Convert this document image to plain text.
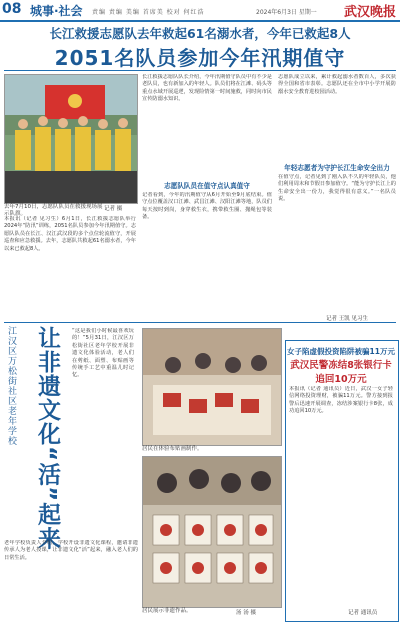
08 城事·社会 责编 责编 美编 首席美 校对 何红浩	2024年6月3日 星期一 武汉晚报
长江救援志愿队去年救起61名溺水者，今年已救起8人
2051名队员参加今年汛期值守
去年7月10日，志愿队队员在救援现场展示队旗。
记者 摄
本报讯（记者 见习生）6月1日，长江救援志愿队举行2024年“防汛”训练，2051名队员参加今年汛期值守。志愿队队员在长江、汉江武汉段的多个点位轮流值守，开展巡查和应急救援。去年，志愿队共救起61名溺水者，今年以来已救起8人。
长江救援志愿队队长介绍，今年汛期值守队员中有不少是老队员，也有新加入的年轻人。队员们将在江滩、码头等重点水域开展巡逻，发现险情第一时间施救，同时向市民宣传防溺水知识。
志愿队队员在值守点认真值守
记者看到，今年的汛期值守从6月开始至9月底结束。值守点位覆盖汉口江滩、武昌江滩、汉阳江滩等地，队员们每天按时到岗，身穿救生衣，携带救生圈、抛绳包等装备。
志愿队成立以来，累计救起溺水者数百人，多次获得全国和省市表彰。志愿队还在全市中小学开展防溺水安全教育进校园活动。
年轻志愿者为守护长江生命安全出力
在值守点，记者见到了刚入队不久的年轻队员，他们利用周末和节假日参加值守。“能为守护长江上的生命安全出一份力，我觉得很有意义。”一名队员说。
记者 王凯 见习生
江汉区万松街社区老年学校 让非遗文化“活”起来	“这是我们小时候最喜欢玩的！”5月31日，江汉区万松街社区老年学校开展非遗文化体验活动，老人们在剪纸、面塑、布贴画等传统手工艺中重温儿时记忆。
老年学校负责人介绍，学校开设非遗文化课程，邀请非遗传承人为老人授课，让非遗文化“活”起来，融入老人们的日常生活。
居民在体验布贴画制作。
居民展示非遗作品。	汤 汤 摄
女子陷虚假投资陷阱被骗11万元
武汉民警冻结8张银行卡
追回10万元
本报讯（记者 通讯员）近日，武汉一女子轻信网络投资理财，被骗11万元。警方接到报警后迅速开展调查，冻结涉案银行卡8张，成功追回10万元。
记者 通讯员
